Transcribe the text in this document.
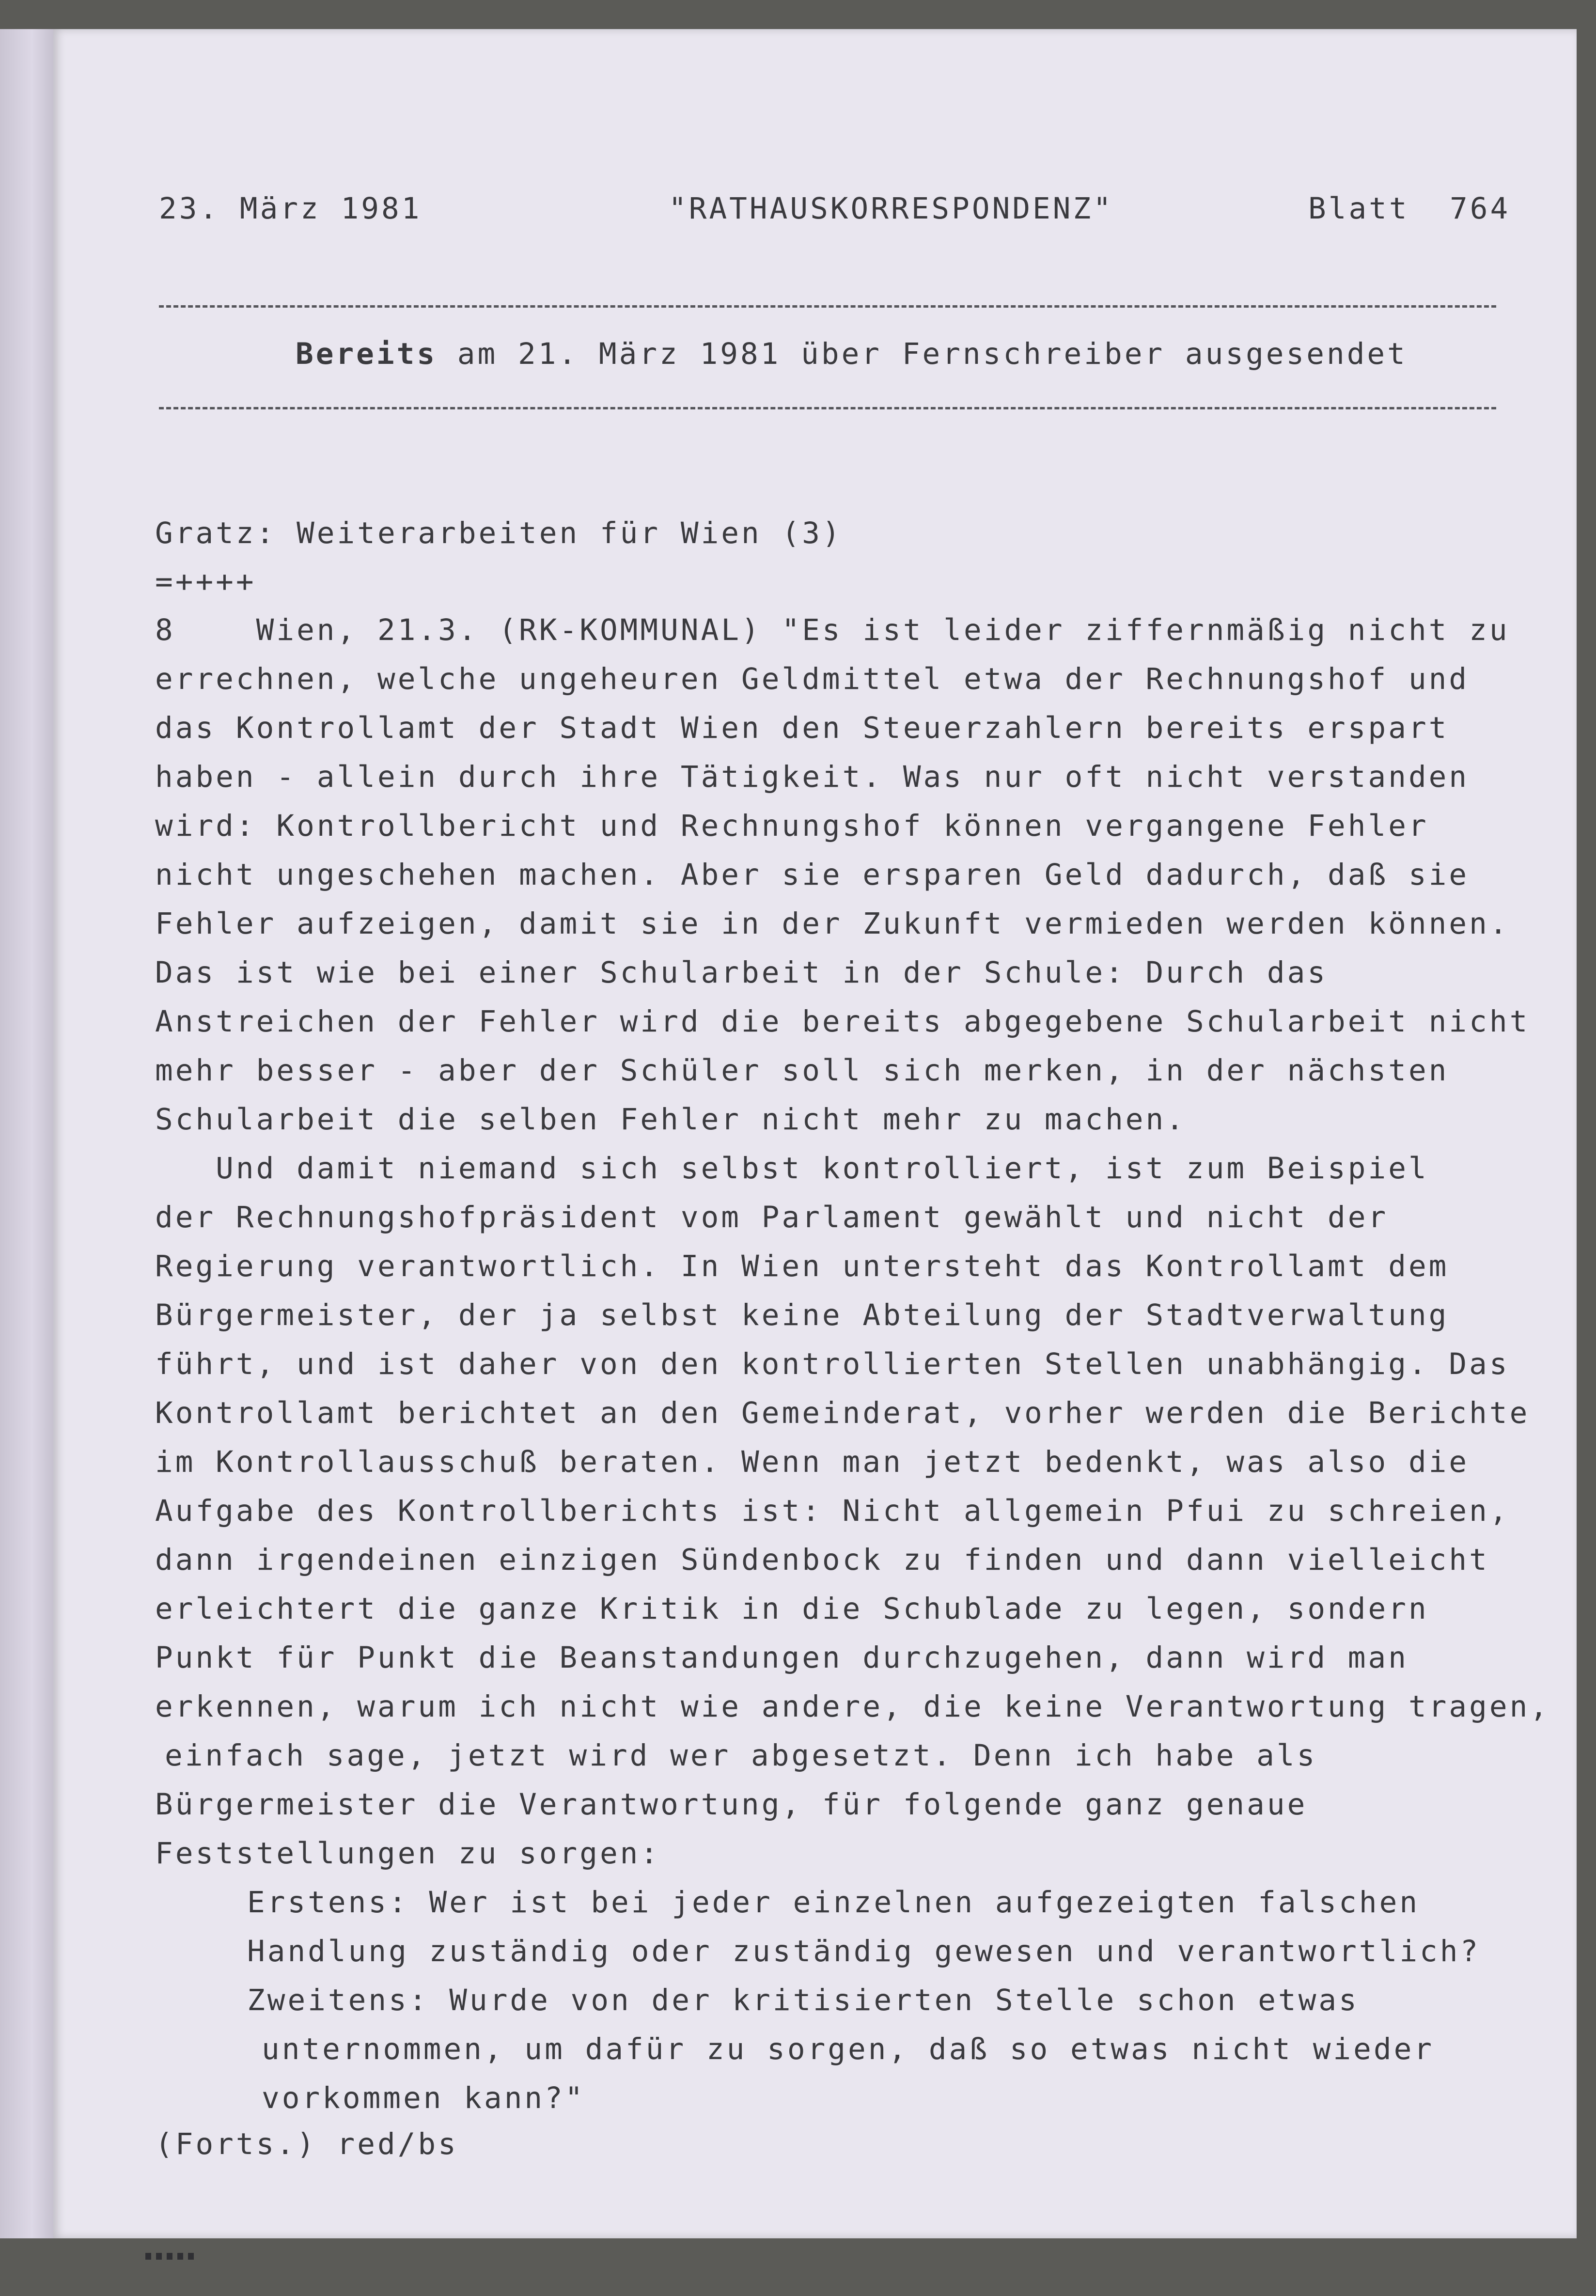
23. März 1981	"RATHAUSKORRESPONDENZ"	Blatt  764
Bereits am 21. März 1981 über Fernschreiber ausgesendet
Gratz: Weiterarbeiten für Wien (3)
=++++
8    Wien, 21.3. (RK-KOMMUNAL) "Es ist leider ziffernmäßig nicht zu
errechnen, welche ungeheuren Geldmittel etwa der Rechnungshof und
das Kontrollamt der Stadt Wien den Steuerzahlern bereits erspart
haben - allein durch ihre Tätigkeit. Was nur oft nicht verstanden
wird: Kontrollbericht und Rechnungshof können vergangene Fehler
nicht ungeschehen machen. Aber sie ersparen Geld dadurch, daß sie
Fehler aufzeigen, damit sie in der Zukunft vermieden werden können.
Das ist wie bei einer Schularbeit in der Schule: Durch das
Anstreichen der Fehler wird die bereits abgegebene Schularbeit nicht
mehr besser - aber der Schüler soll sich merken, in der nächsten
Schularbeit die selben Fehler nicht mehr zu machen.
Und damit niemand sich selbst kontrolliert, ist zum Beispiel
der Rechnungshofpräsident vom Parlament gewählt und nicht der
Regierung verantwortlich. In Wien untersteht das Kontrollamt dem
Bürgermeister, der ja selbst keine Abteilung der Stadtverwaltung
führt, und ist daher von den kontrollierten Stellen unabhängig. Das
Kontrollamt berichtet an den Gemeinderat, vorher werden die Berichte
im Kontrollausschuß beraten. Wenn man jetzt bedenkt, was also die
Aufgabe des Kontrollberichts ist: Nicht allgemein Pfui zu schreien,
dann irgendeinen einzigen Sündenbock zu finden und dann vielleicht
erleichtert die ganze Kritik in die Schublade zu legen, sondern
Punkt für Punkt die Beanstandungen durchzugehen, dann wird man
erkennen, warum ich nicht wie andere, die keine Verantwortung tragen,
einfach sage, jetzt wird wer abgesetzt. Denn ich habe als
Bürgermeister die Verantwortung, für folgende ganz genaue
Feststellungen zu sorgen:
Erstens: Wer ist bei jeder einzelnen aufgezeigten falschen
Handlung zuständig oder zuständig gewesen und verantwortlich?
Zweitens: Wurde von der kritisierten Stelle schon etwas
unternommen, um dafür zu sorgen, daß so etwas nicht wieder
vorkommen kann?"
(Forts.) red/bs
